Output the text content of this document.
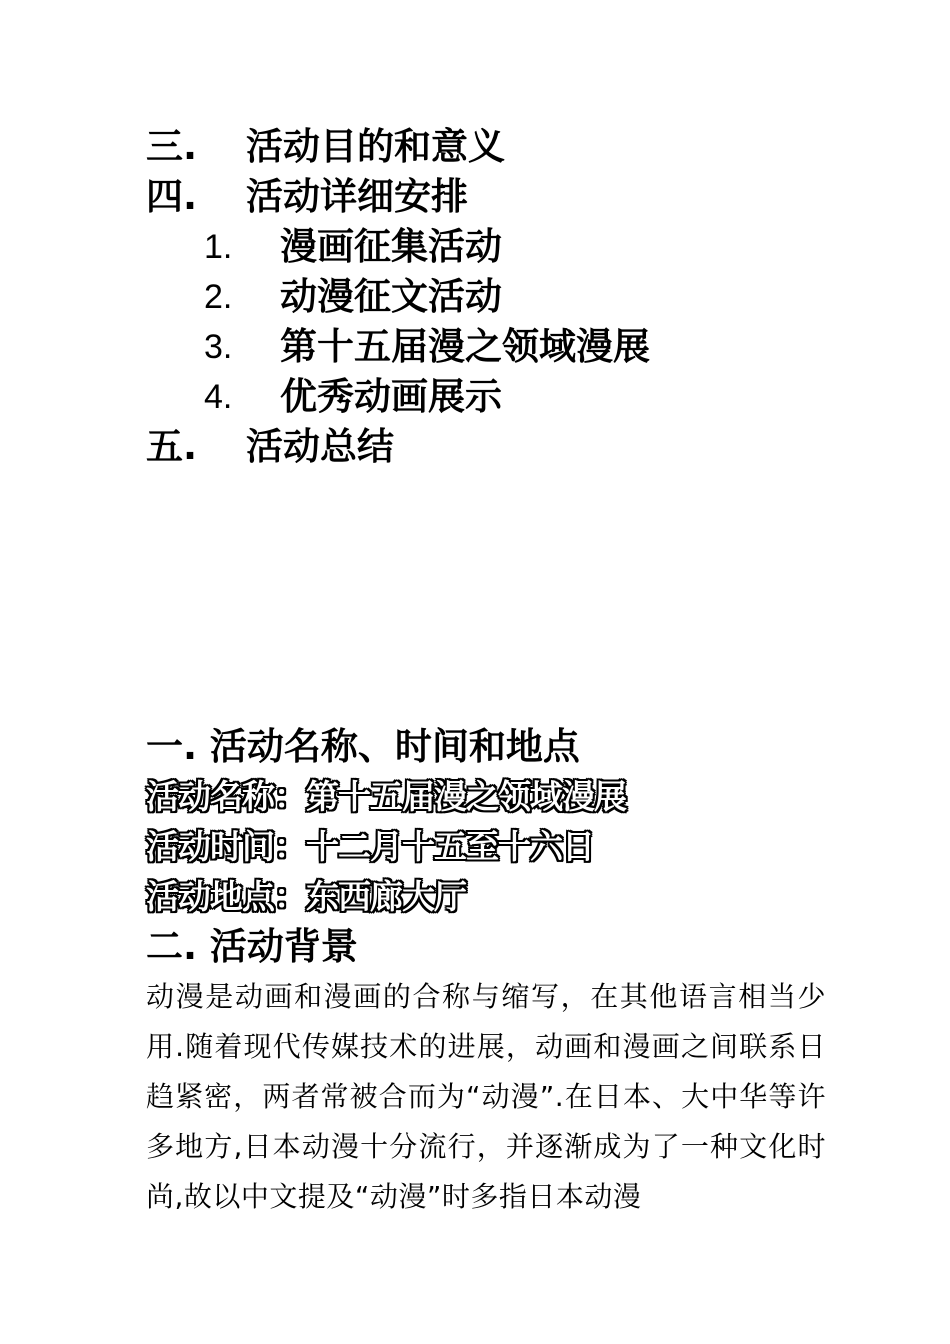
三.	活动目的和意义
四.	活动详细安排
1.	漫画征集活动
2.	动漫征文活动
3.	第十五届漫之领域漫展
4.	优秀动画展示
五.	活动总结
一. 活动名称、时间和地点
活动名称：第十五届漫之领域漫展
活动时间：十二月十五至十六日
活动地点：东西廊大厅
二. 活动背景
动漫是动画和漫画的合称与缩写，在其他语言相当少用.随着现代传媒技术的进展，动画和漫画之间联系日趋紧密，两者常被合而为“动漫”.在日本、大中华等许多地方,日本动漫十分流行，并逐渐成为了一种文化时尚,故以中文提及“动漫”时多指日本动漫
